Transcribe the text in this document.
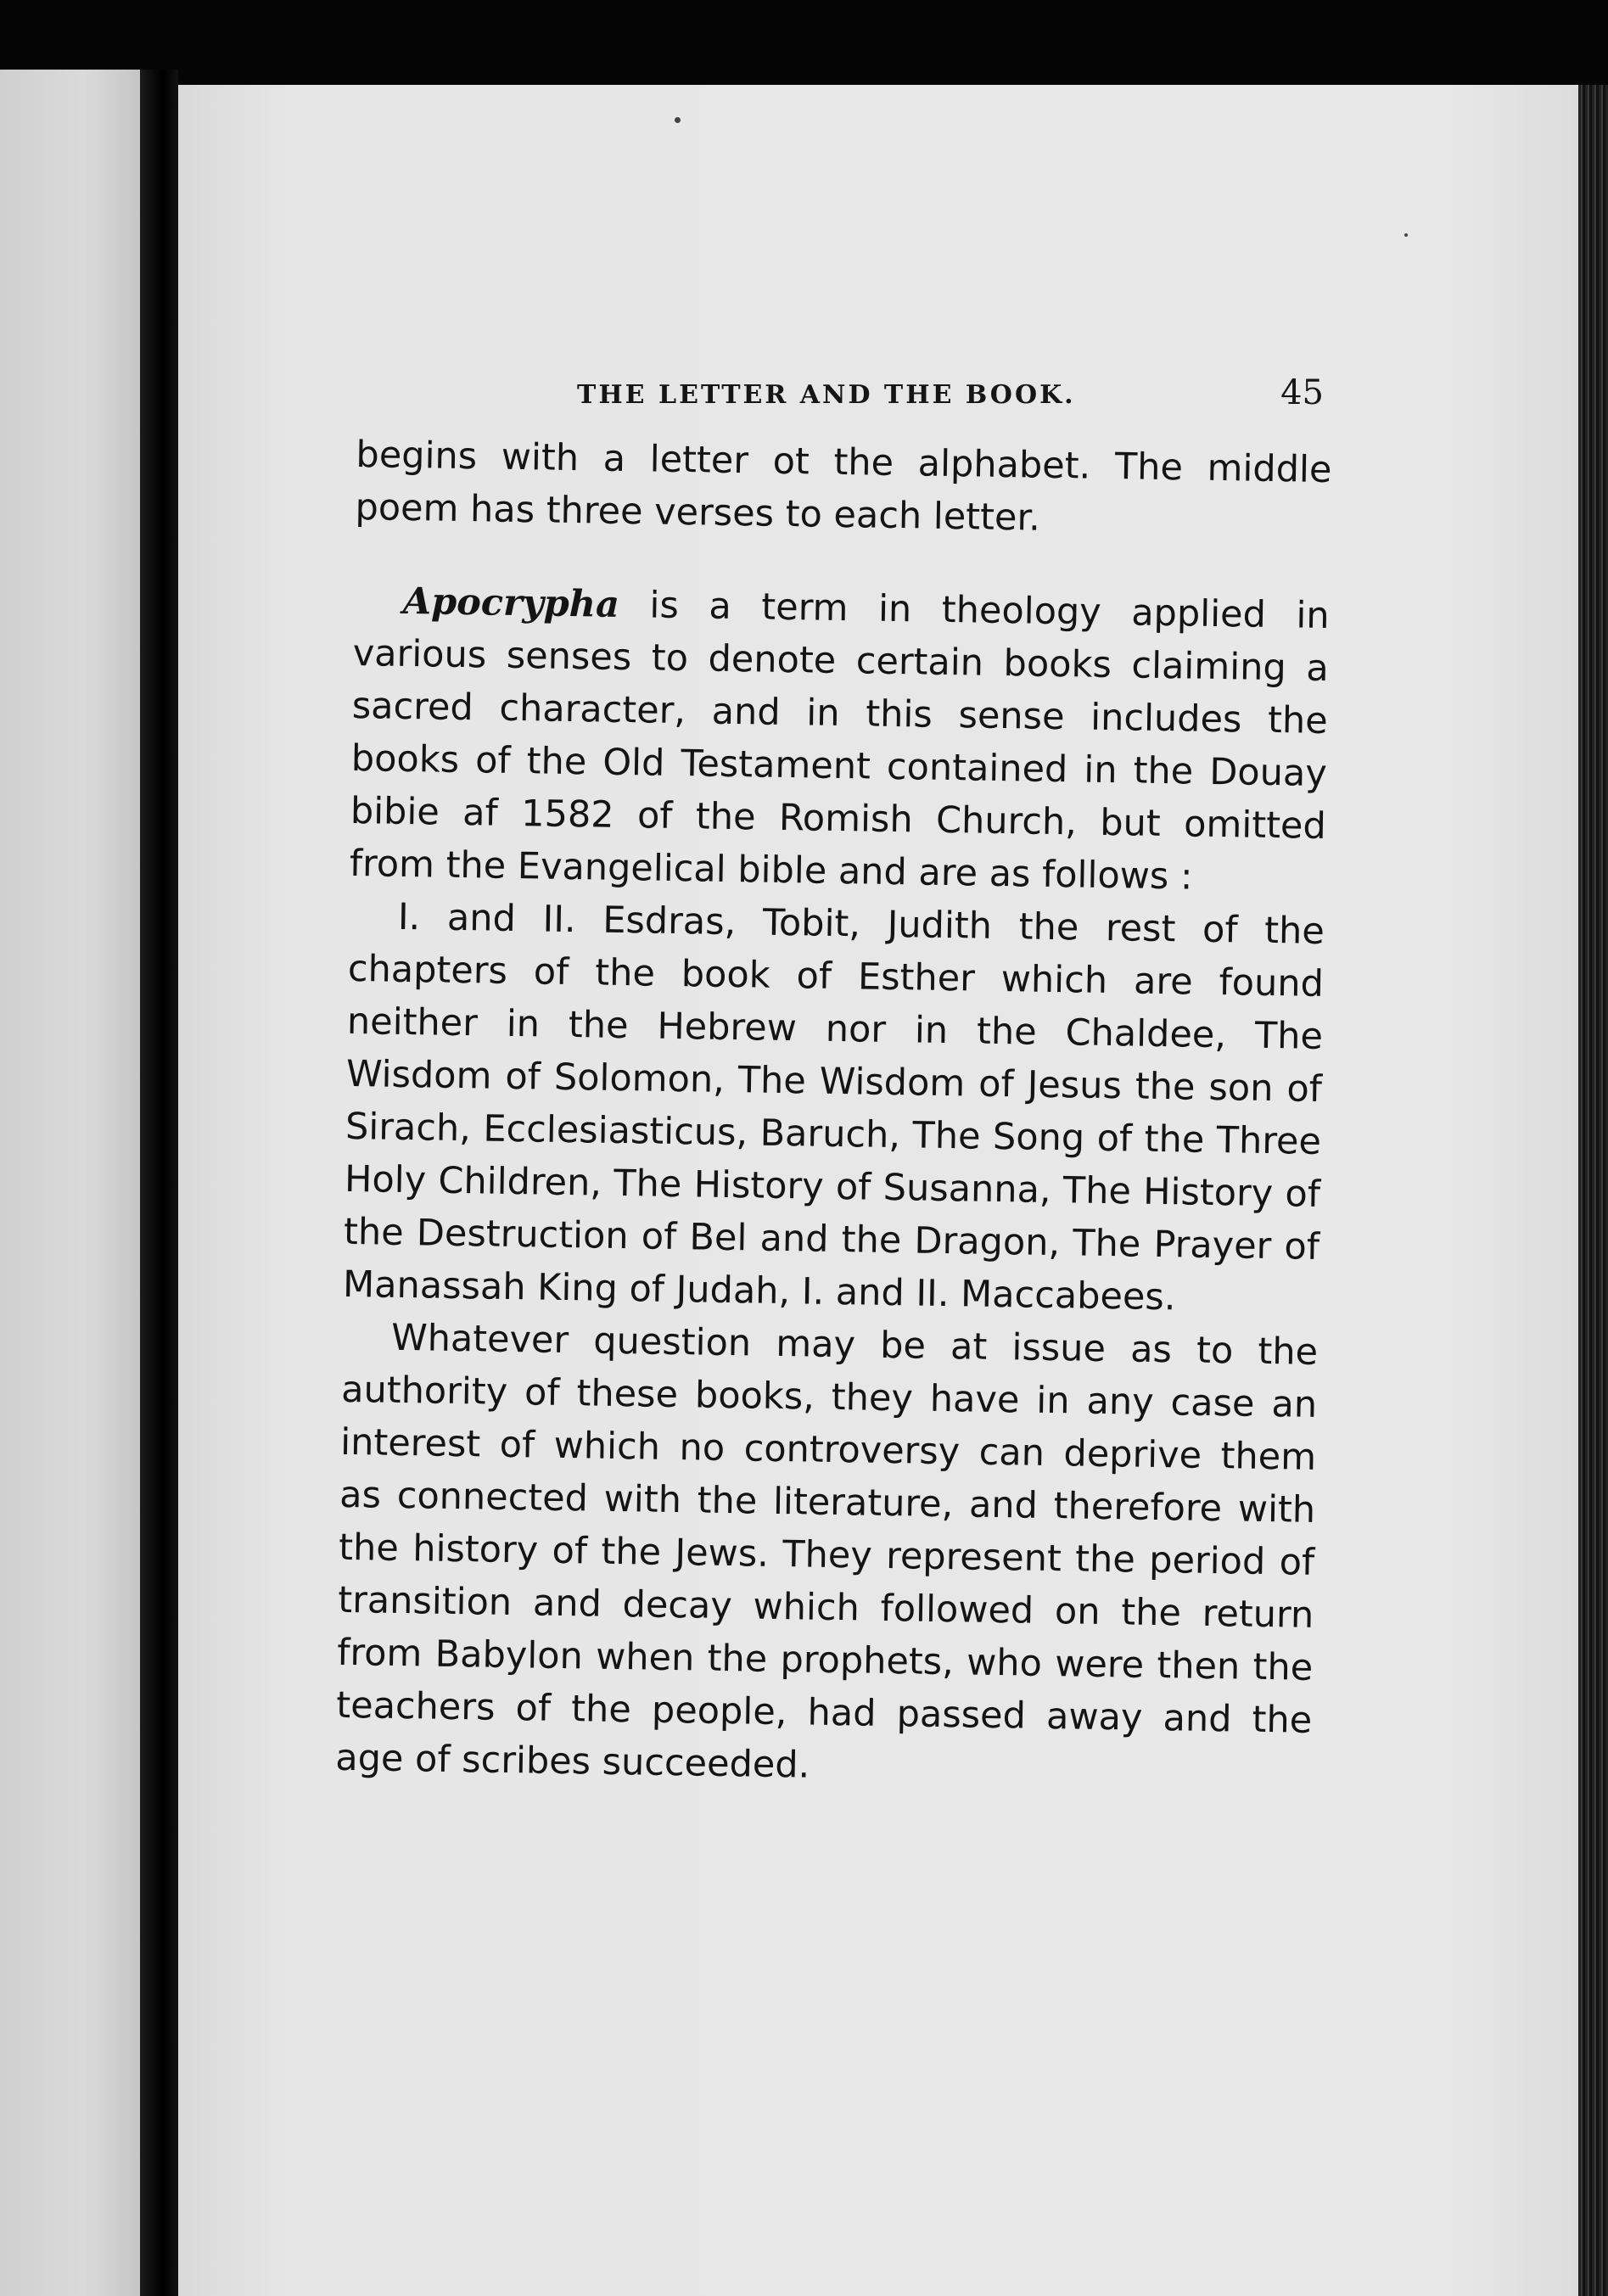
THE LETTER AND THE BOOK.	45

begins with a letter ot the alphabet. The middle poem has three verses to each letter.

Apocrypha is a term in theology applied in various senses to denote certain books claiming a sacred character, and in this sense includes the books of the Old Testament contained in the Douay bibie af 1582 of the Romish Church, but omitted from the Evangelical bible and are as follows :

I. and II. Esdras, Tobit, Judith the rest of the chapters of the book of Esther which are found neither in the Hebrew nor in the Chaldee, The Wisdom of Solomon, The Wisdom of Jesus the son of Sirach, Ecclesiasticus, Baruch, The Song of the Three Holy Children, The History of Susanna, The History of the Destruction of Bel and the Dragon, The Prayer of Manassah King of Judah, I. and II. Maccabees.

Whatever question may be at issue as to the authority of these books, they have in any case an interest of which no controversy can deprive them as connected with the literature, and therefore with the history of the Jews. They represent the period of transition and decay which followed on the return from Babylon when the prophets, who were then the teachers of the people, had passed away and the age of scribes succeeded.
